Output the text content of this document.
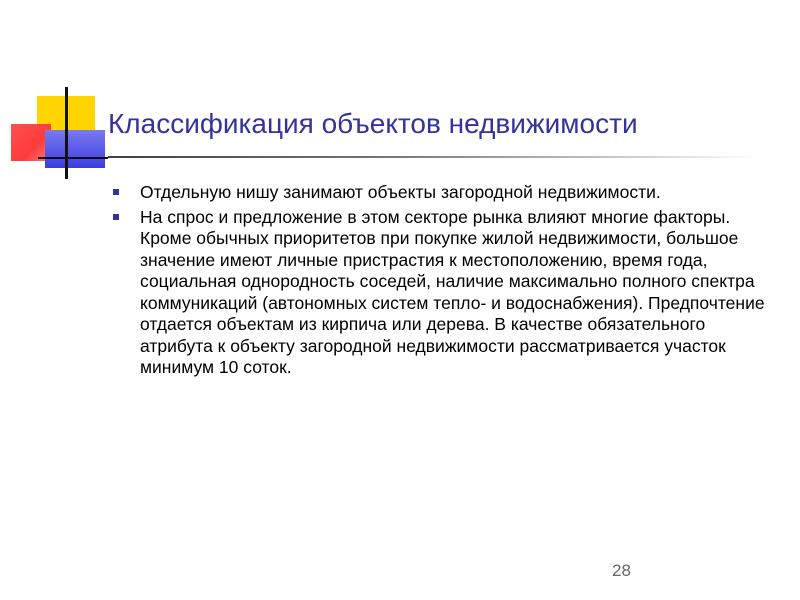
Классификация объектов недвижимости
Отдельную нишу занимают объекты загородной недвижимости.
На спрос и предложение в этом секторе рынка влияют многие факторы. Кроме обычных приоритетов при покупке жилой недвижимости, большое значение имеют личные пристрастия к местоположению, время года, социальная однородность соседей, наличие максимально полного спектра коммуникаций (автономных систем тепло- и водоснабжения). Предпочтение отдается объектам из кирпича или дерева. В качестве обязательного атрибута к объекту загородной недвижимости рассматривается участок минимум 10 соток.
28
